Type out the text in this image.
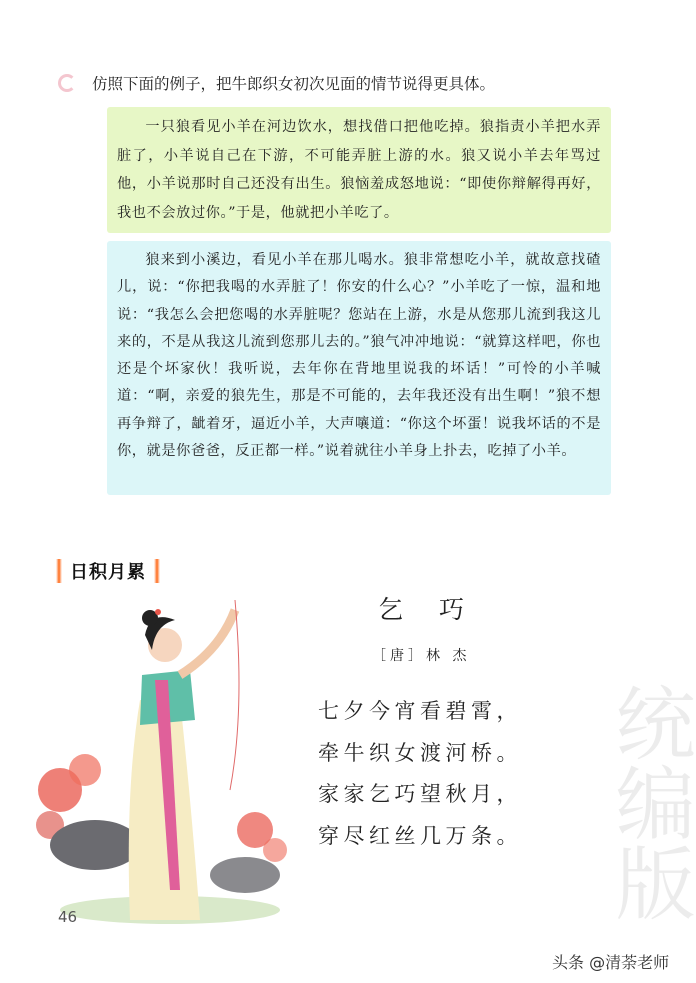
仿照下面的例子，把牛郎织女初次见面的情节说得更具体。

一只狼看见小羊在河边饮水，想找借口把他吃掉。狼指责小羊把水弄脏了，小羊说自己在下游，不可能弄脏上游的水。狼又说小羊去年骂过他，小羊说那时自己还没有出生。狼恼羞成怒地说：“即使你辩解得再好，我也不会放过你。”于是，他就把小羊吃了。

狼来到小溪边，看见小羊在那儿喝水。狼非常想吃小羊，就故意找碴儿，说：“你把我喝的水弄脏了！你安的什么心？”小羊吃了一惊，温和地说：“我怎么会把您喝的水弄脏呢？您站在上游，水是从您那儿流到我这儿来的，不是从我这儿流到您那儿去的。”狼气冲冲地说：“就算这样吧，你也还是个坏家伙！我听说，去年你在背地里说我的坏话！”可怜的小羊喊道：“啊，亲爱的狼先生，那是不可能的，去年我还没有出生啊！”狼不想再争辩了，龇着牙，逼近小羊，大声嚷道：“你这个坏蛋！说我坏话的不是你，就是你爸爸，反正都一样。”说着就往小羊身上扑去，吃掉了小羊。

日积月累
统编版
乞 巧
［唐］林 杰
七夕今宵看碧霄，
牵牛织女渡河桥。
家家乞巧望秋月，
穿尽红丝几万条。
46
头条 @清荼老师
